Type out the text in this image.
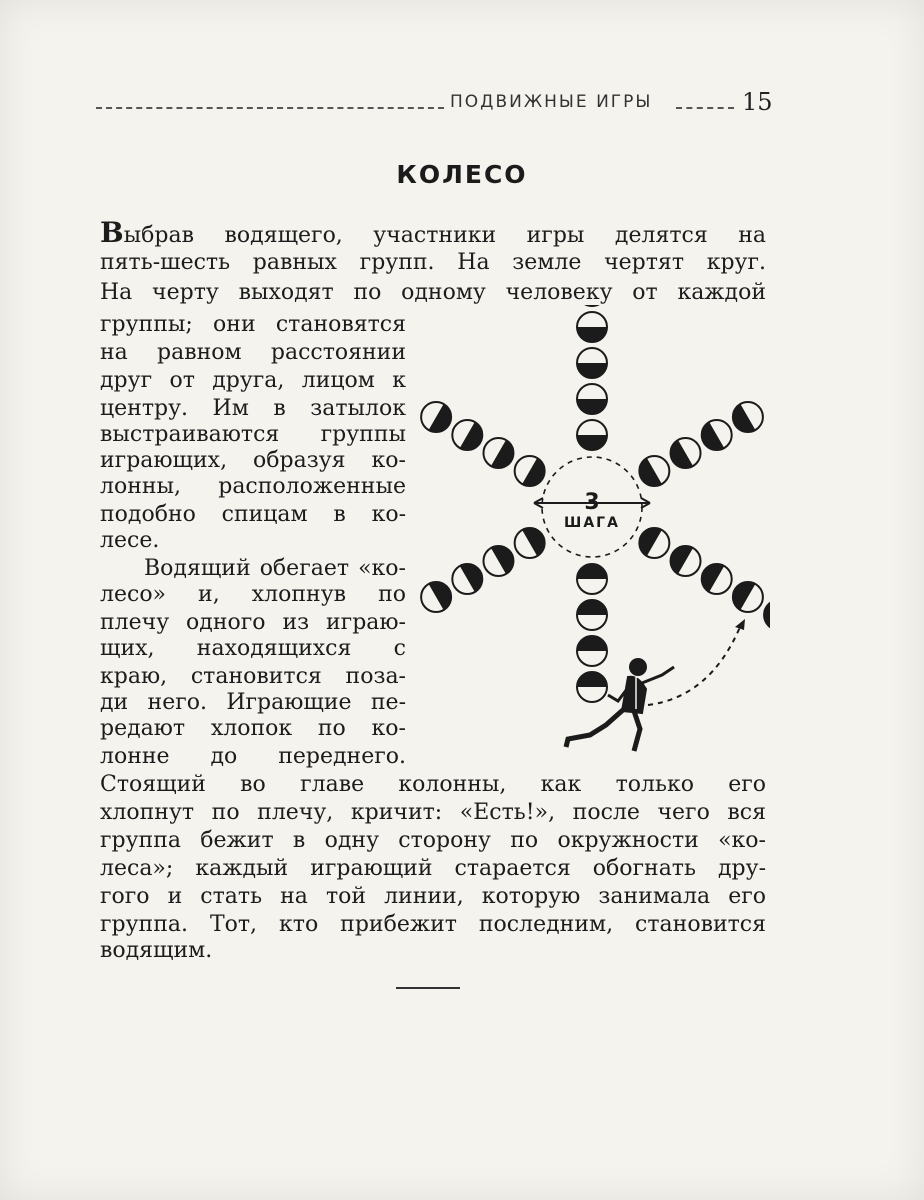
ПОДВИЖНЫЕ ИГРЫ	15
КОЛЕСО
Выбрав водящего, участники игры делятся на
пять-шесть равных групп. На земле чертят круг.
На черту выходят по одному человеку от каждой
группы; они становятся
на равном расстоянии
друг от друга, лицом к
центру. Им в затылок
выстраиваются группы
играющих, образуя ко-
лонны, расположенные
подобно спицам в ко-
лесе.
Водящий обегает «ко-
лесо» и, хлопнув по
плечу одного из играю-
щих, находящихся с
краю, становится поза-
ди него. Играющие пе-
редают хлопок по ко-
лонне до переднего.
Стоящий во главе колонны, как только его
хлопнут по плечу, кричит: «Есть!», после чего вся
группа бежит в одну сторону по окружности «ко-
леса»; каждый играющий старается обогнать дру-
гого и стать на той линии, которую занимала его
группа. Тот, кто прибежит последним, становится
водящим.
3
ШАГА
